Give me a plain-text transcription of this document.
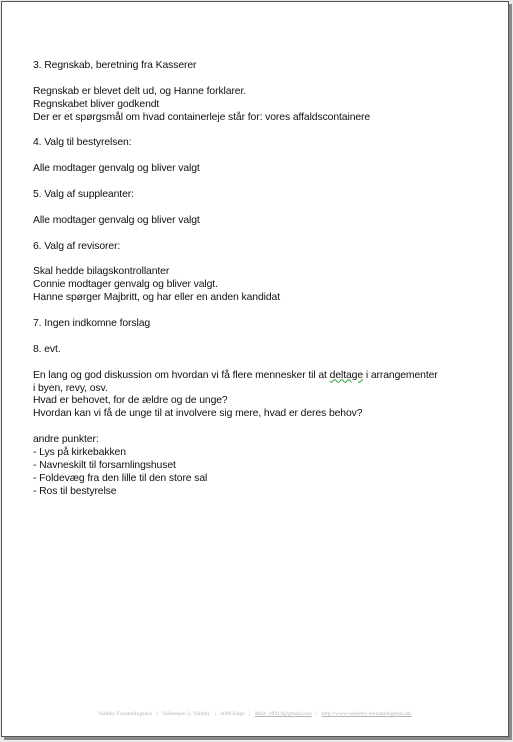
3. Regnskab, beretning fra Kasserer

Regnskab er blevet delt ud, og Hanne forklarer.
Regnskabet bliver godkendt
Der er et spørgsmål om hvad containerleje står for: vores affaldscontainere

4. Valg til bestyrelsen:

Alle modtager genvalg og bliver valgt

5. Valg af suppleanter:

Alle modtager genvalg og bliver valgt

6. Valg af revisorer:

Skal hedde bilagskontrollanter
Connie modtager genvalg og bliver valgt.
Hanne spørger Majbritt, og har eller en anden kandidat

7. Ingen indkomne forslag

8. evt.

En lang og god diskussion om hvordan vi få flere mennesker til at deltage i arrangementer
i byen, revy, osv.
Hvad er behovet, for de ældre og de unge?
Hvordan kan vi få de unge til at involvere sig mere, hvad er deres behov?

andre punkter:
- Lys på kirkebakken
- Navneskilt til forsamlingshuset
- Foldevæg fra den lille til den store sal
- Ros til bestyrelse

Valløby Forsamlingshus | Valløvejen 2, Valløby | 4600 Køge | Mail: vfl914@gmail.com | http://www.valloeby-forsamlingshus.dk/
